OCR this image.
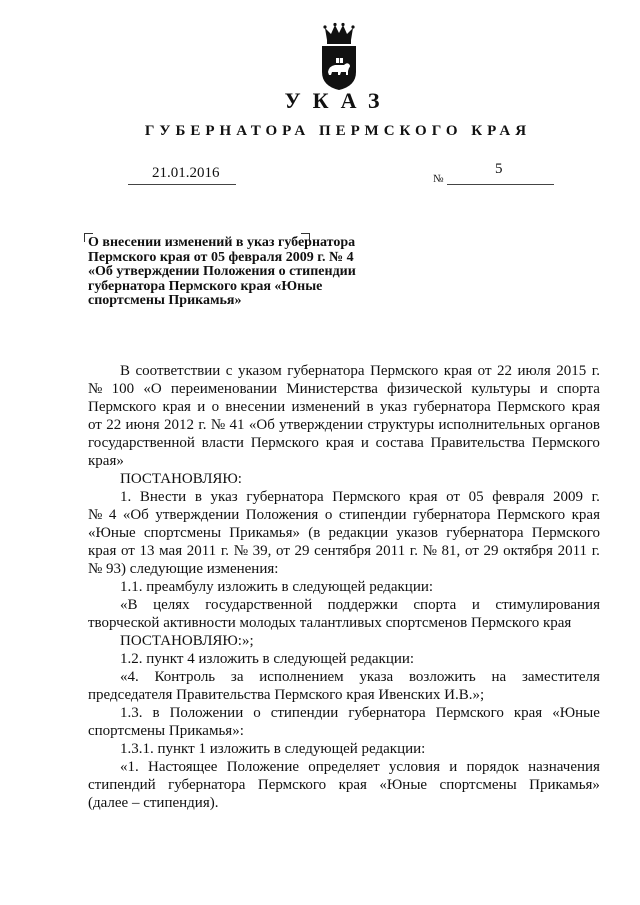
УКАЗ
ГУБЕРНАТОРА ПЕРМСКОГО КРАЯ
21.01.2016	№
5
О внесении изменений в указ губернатора
Пермского края от 05 февраля 2009 г. № 4
«Об утверждении Положения о стипендии
губернатора Пермского края «Юные
спортсмены Прикамья»
В соответствии с указом губернатора Пермского края от 22 июля 2015 г.
№ 100 «О переименовании Министерства физической культуры и спорта
Пермского края и о внесении изменений в указ губернатора Пермского края
от 22 июня 2012 г. № 41 «Об утверждении структуры исполнительных органов
государственной власти Пермского края и состава Правительства Пермского
края»
ПОСТАНОВЛЯЮ:
1. Внести в указ губернатора Пермского края от 05 февраля 2009 г.
№ 4 «Об утверждении Положения о стипендии губернатора Пермского края
«Юные спортсмены Прикамья» (в редакции указов губернатора Пермского
края от 13 мая 2011 г. № 39, от 29 сентября 2011 г. № 81, от 29 октября 2011 г.
№ 93) следующие изменения:
1.1. преамбулу изложить в следующей редакции:
«В целях государственной поддержки спорта и стимулирования
творческой активности молодых талантливых спортсменов Пермского края
ПОСТАНОВЛЯЮ:»;
1.2. пункт 4 изложить в следующей редакции:
«4. Контроль за исполнением указа возложить на заместителя
председателя Правительства Пермского края Ивенских И.В.»;
1.3. в Положении о стипендии губернатора Пермского края «Юные
спортсмены Прикамья»:
1.3.1. пункт 1 изложить в следующей редакции:
«1. Настоящее Положение определяет условия и порядок назначения
стипендий губернатора Пермского края «Юные спортсмены Прикамья»
(далее – стипендия).
